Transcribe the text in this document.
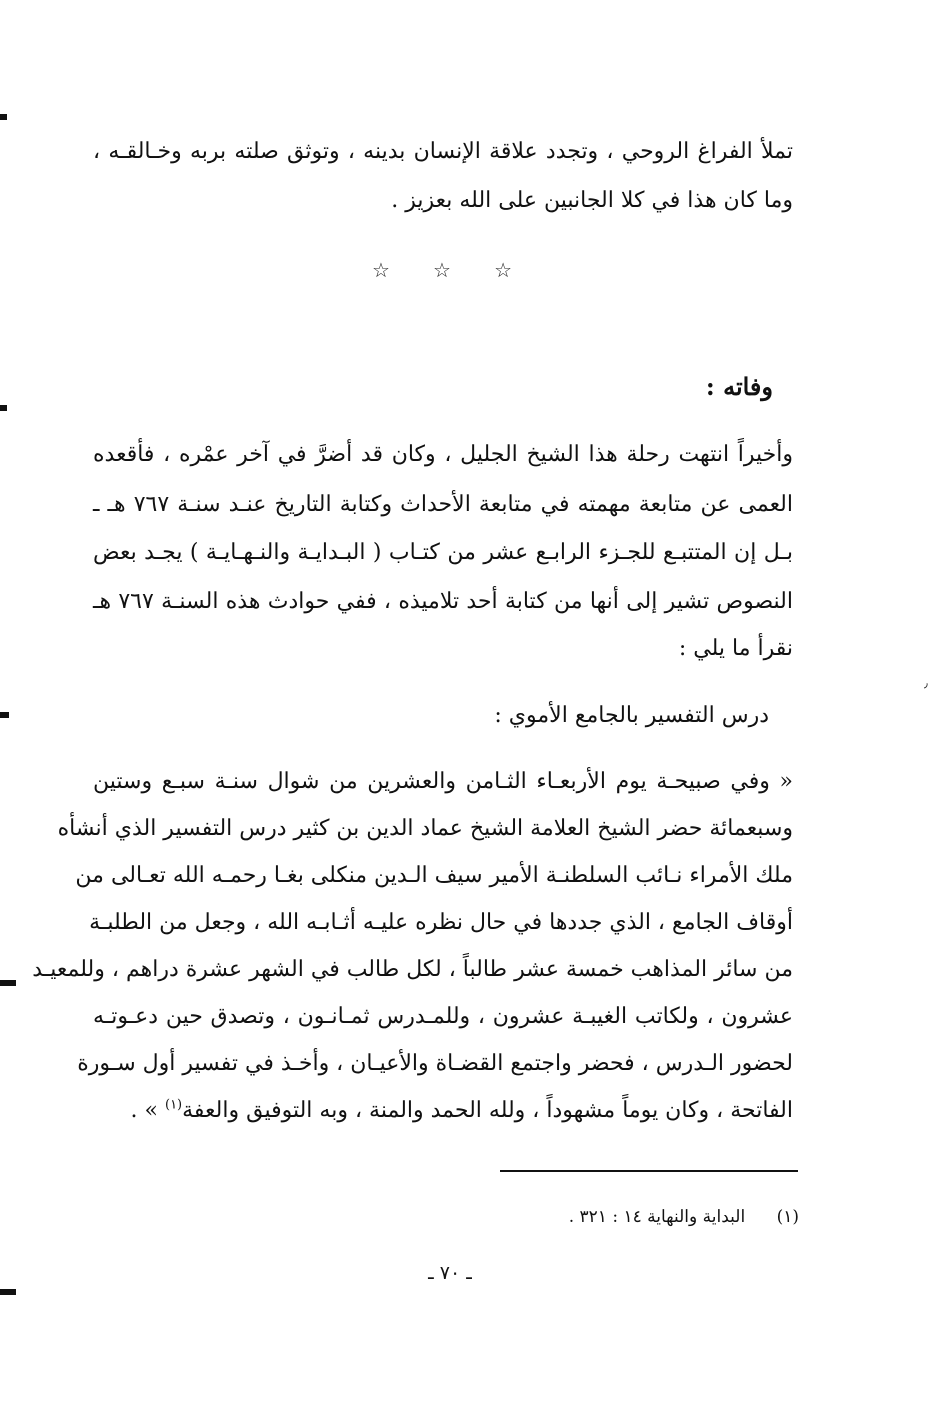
٫
تملأ الفراغ الروحي ، وتجدد علاقة الإنسان بدينه ، وتوثق صلته بربه وخـالقـه ،
وما كان هذا في كلا الجانبين على الله بعزيز .
☆ ☆ ☆
وفاته :
وأخيراً انتهت رحلة هذا الشيخ الجليل ، وكان قد أضرَّ في آخر عمْره ، فأقعده
العمى عن متابعة مهمته في متابعة الأحداث وكتابة التاريخ عنـد سنـة ٧٦٧ هـ ـ
بـل إن المتتبـع للجـزء الرابـع عشر من كتـاب ( البـدايـة والنـهـايـة ) يجـد بعض
النصوص تشير إلى أنها من كتابة أحد تلاميذه ، ففي حوادث هذه السنـة ٧٦٧ هـ
نقرأ ما يلي :
درس التفسير بالجامع الأموي :
« وفي صبيحـة يوم الأربعـاء الثـامن والعشرين من شوال سنـة سبـع وستين
وسبعمائة حضر الشيخ العلامة الشيخ عماد الدين بن كثير درس التفسير الذي أنشأه
ملك الأمراء نـائب السلطنـة الأمير سيف الـدين منكلى بغـا رحمـه الله تعـالى من
أوقاف الجامع ، الذي جددها في حال نظره عليـه أثـابـه الله ، وجعل من الطلبـة
من سائر المذاهب خمسة عشر طالباً ، لكل طالب في الشهر عشرة دراهم ، وللمعيـد
عشرون ، ولكاتب الغيبـة عشرون ، وللمـدرس ثمـانـون ، وتصدق حين دعـوتـه
لحضور الـدرس ، فحضر واجتمع القضـاة والأعيـان ، وأخـذ في تفسير أول سـورة
الفاتحة ، وكان يوماً مشهوداً ، ولله الحمد والمنة ، وبه التوفيق والعفة$^{(١)}$ » .
(١) البداية والنهاية ١٤ : ٣٢١ .
ـ ٧٠ ـ
